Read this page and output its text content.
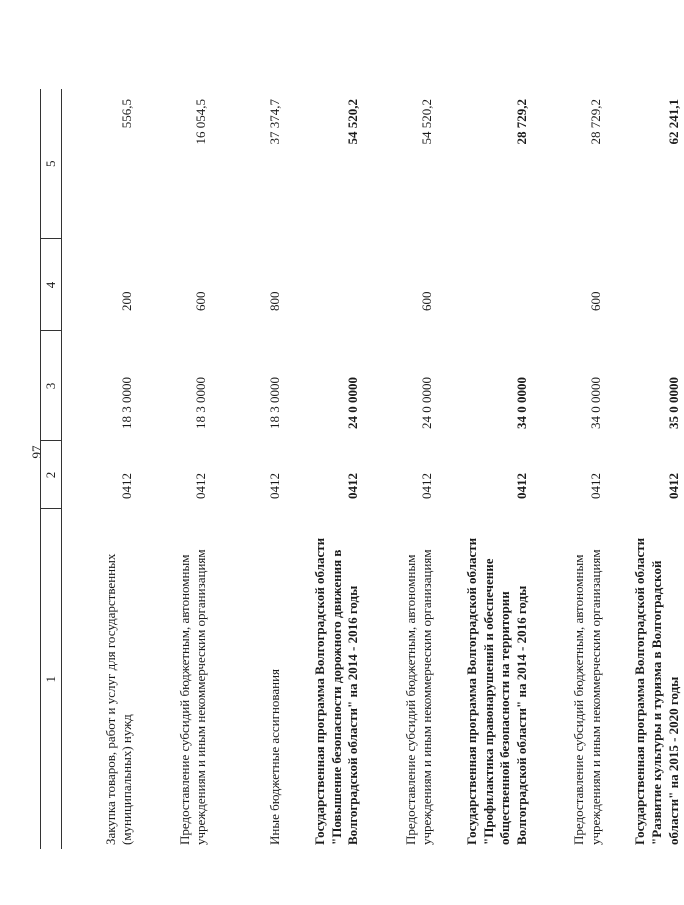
97
1	2	3	4	5

Закупка товаров, работ и услуг для государственных (муниципальных) нужд	0412	18 3 0000	200	556,5

Предоставление субсидий бюджетным, автономным учреждениям и иным некоммерческим организациям	0412	18 3 0000	600	16 054,5

Иные бюджетные ассигнования	0412	18 3 0000	800	37 374,7

Государственная программа Волгоградской области "Повышение безопасности дорожного движения в Волгоградской области" на 2014 - 2016 годы	0412	24 0 0000		54 520,2

Предоставление субсидий бюджетным, автономным учреждениям и иным некоммерческим организациям	0412	24 0 0000	600	54 520,2

Государственная программа Волгоградской области "Профилактика правонарушений и обеспечение общественной безопасности на территории Волгоградской области" на 2014 - 2016 годы	0412	34 0 0000		28 729,2

Предоставление субсидий бюджетным, автономным учреждениям и иным некоммерческим организациям	0412	34 0 0000	600	28 729,2

Государственная программа Волгоградской области "Развитие культуры и туризма в Волгоградской области" на 2015 - 2020 годы	0412	35 0 0000		62 241,1
